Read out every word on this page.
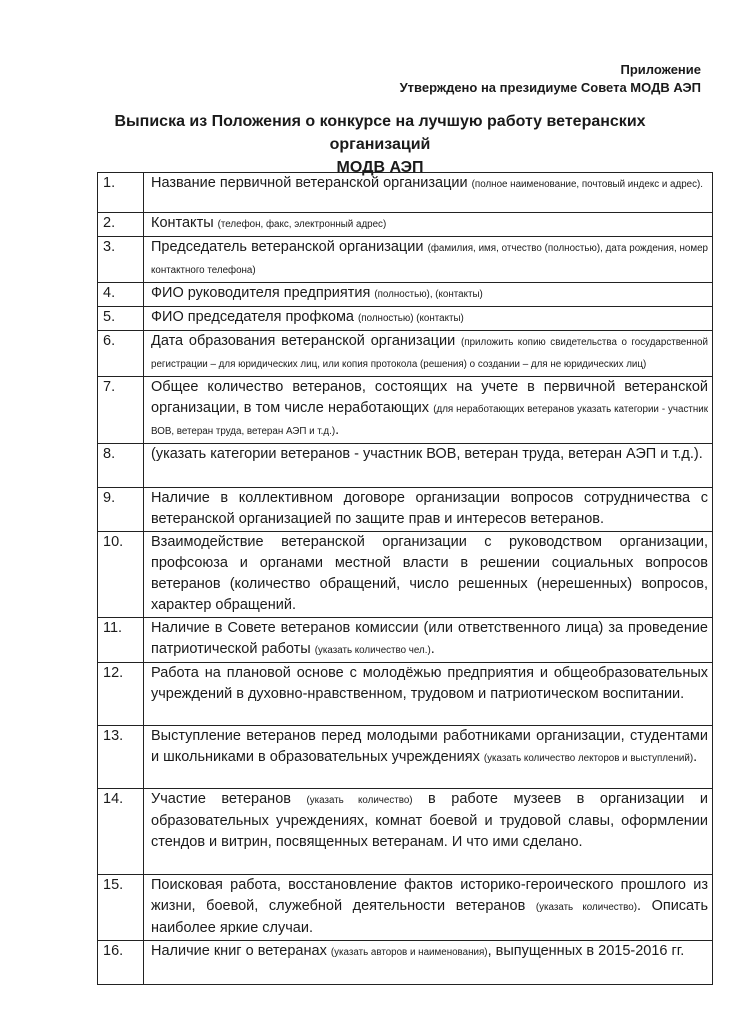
Приложение
Утверждено на президиуме Совета МОДВ АЭП
Выписка из Положения о конкурсе на лучшую работу ветеранских организаций
МОДВ АЭП
1.	Название первичной ветеранской организации (полное наименование, почтовый индекс и адрес).
2.	Контакты (телефон, факс, электронный адрес)
3.	Председатель ветеранской организации (фамилия, имя, отчество (полностью), дата рождения, номер контактного телефона)
4.	ФИО руководителя предприятия (полностью), (контакты)
5.	ФИО председателя профкома (полностью) (контакты)
6.	Дата образования ветеранской организации (приложить копию свидетельства о государственной регистрации – для юридических лиц, или копия протокола (решения) о создании – для не юридических лиц)
7.	Общее количество ветеранов, состоящих на учете в первичной ветеранской организации, в том числе неработающих (для неработающих ветеранов указать категории - участник ВОВ, ветеран труда, ветеран АЭП и т.д.).
8.	(указать категории ветеранов - участник ВОВ, ветеран труда, ветеран АЭП и т.д.).
9.	Наличие в коллективном договоре организации вопросов сотрудничества с ветеранской организацией по защите прав и интересов ветеранов.
10.	Взаимодействие ветеранской организации с руководством организации, профсоюза и органами местной власти в решении социальных вопросов ветеранов (количество обращений, число решенных (нерешенных) вопросов, характер обращений.
11.	Наличие в Совете ветеранов комиссии (или ответственного лица) за проведение патриотической работы (указать количество чел.).
12.	Работа на плановой основе с молодёжью предприятия и общеобразовательных учреждений в духовно-нравственном, трудовом и патриотическом воспитании.
13.	Выступление ветеранов перед молодыми работниками организации, студентами и школьниками в образовательных учреждениях (указать количество лекторов и выступлений).
14.	Участие ветеранов (указать количество) в работе музеев в организации и образовательных учреждениях, комнат боевой и трудовой славы, оформлении стендов и витрин, посвященных ветеранам. И что ими сделано.
15.	Поисковая работа, восстановление фактов историко-героического прошлого из жизни, боевой, служебной деятельности ветеранов (указать количество). Описать наиболее яркие случаи.
16.	Наличие книг о ветеранах (указать авторов и наименования), выпущенных в 2015-2016 гг.
